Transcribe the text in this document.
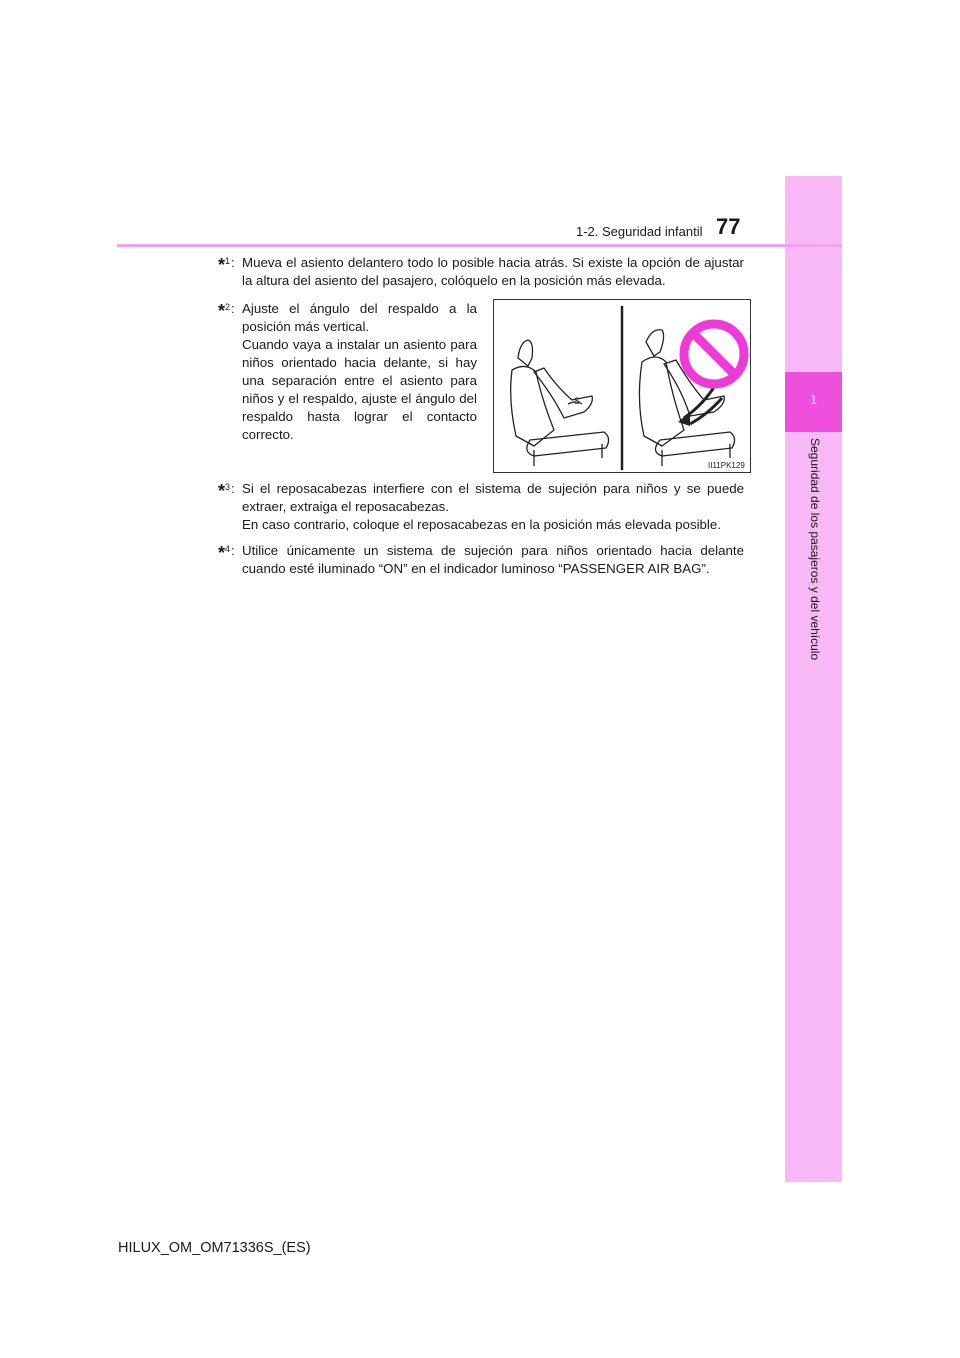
1
Seguridad de los pasajeros y del vehículo
1-2. Seguridad infantil 77
*$^1$ : Mueva el asiento delantero todo lo posible hacia atrás. Si existe la opción de ajustar la altura del asiento del pasajero, colóquelo en la posición más elevada.

*$^2$ : Ajuste el ángulo del respaldo a la posición más vertical.

Cuando vaya a instalar un asiento para niños orientado hacia delante, si hay una separación entre el asiento para niños y el respaldo, ajuste el ángulo del respaldo hasta lograr el contacto correcto.

S
II11PK129
*$^3$ : Si el reposacabezas interfiere con el sistema de sujeción para niños y se puede extraer, extraiga el reposacabezas.

En caso contrario, coloque el reposacabezas en la posición más elevada posible.

*$^4$ : Utilice únicamente un sistema de sujeción para niños orientado hacia delante cuando esté iluminado “ON” en el indicador luminoso “PASSENGER AIR BAG”.

HILUX_OM_OM71336S_(ES)
